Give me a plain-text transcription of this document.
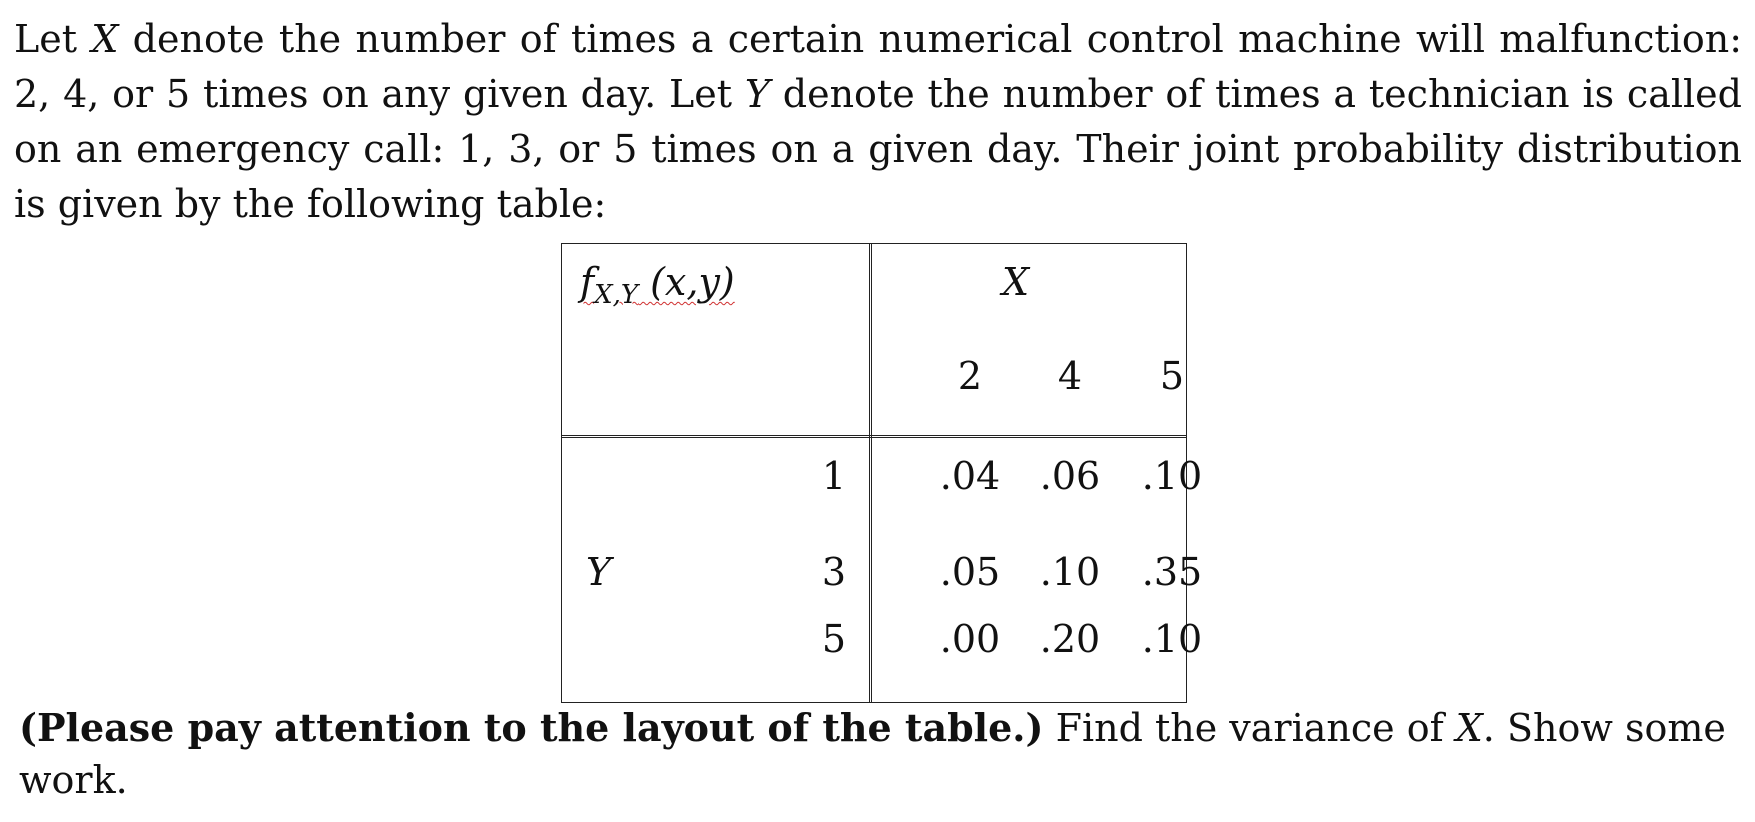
Let X denote the number of times a certain numerical control machine will malfunction: 2, 4, or 5 times on any given day. Let Y denote the number of times a technician is called on an emergency call: 1, 3, or 5 times on a given day. Their joint probability distribution is given by the following table:

$f_{X,Y}$ (x,y)	X
2	4	5
Y
1 .04 .06 .10
3 .05 .10 .35
5 .00 .20 .10

(Please pay attention to the layout of the table.) Find the variance of X. Show some work.
